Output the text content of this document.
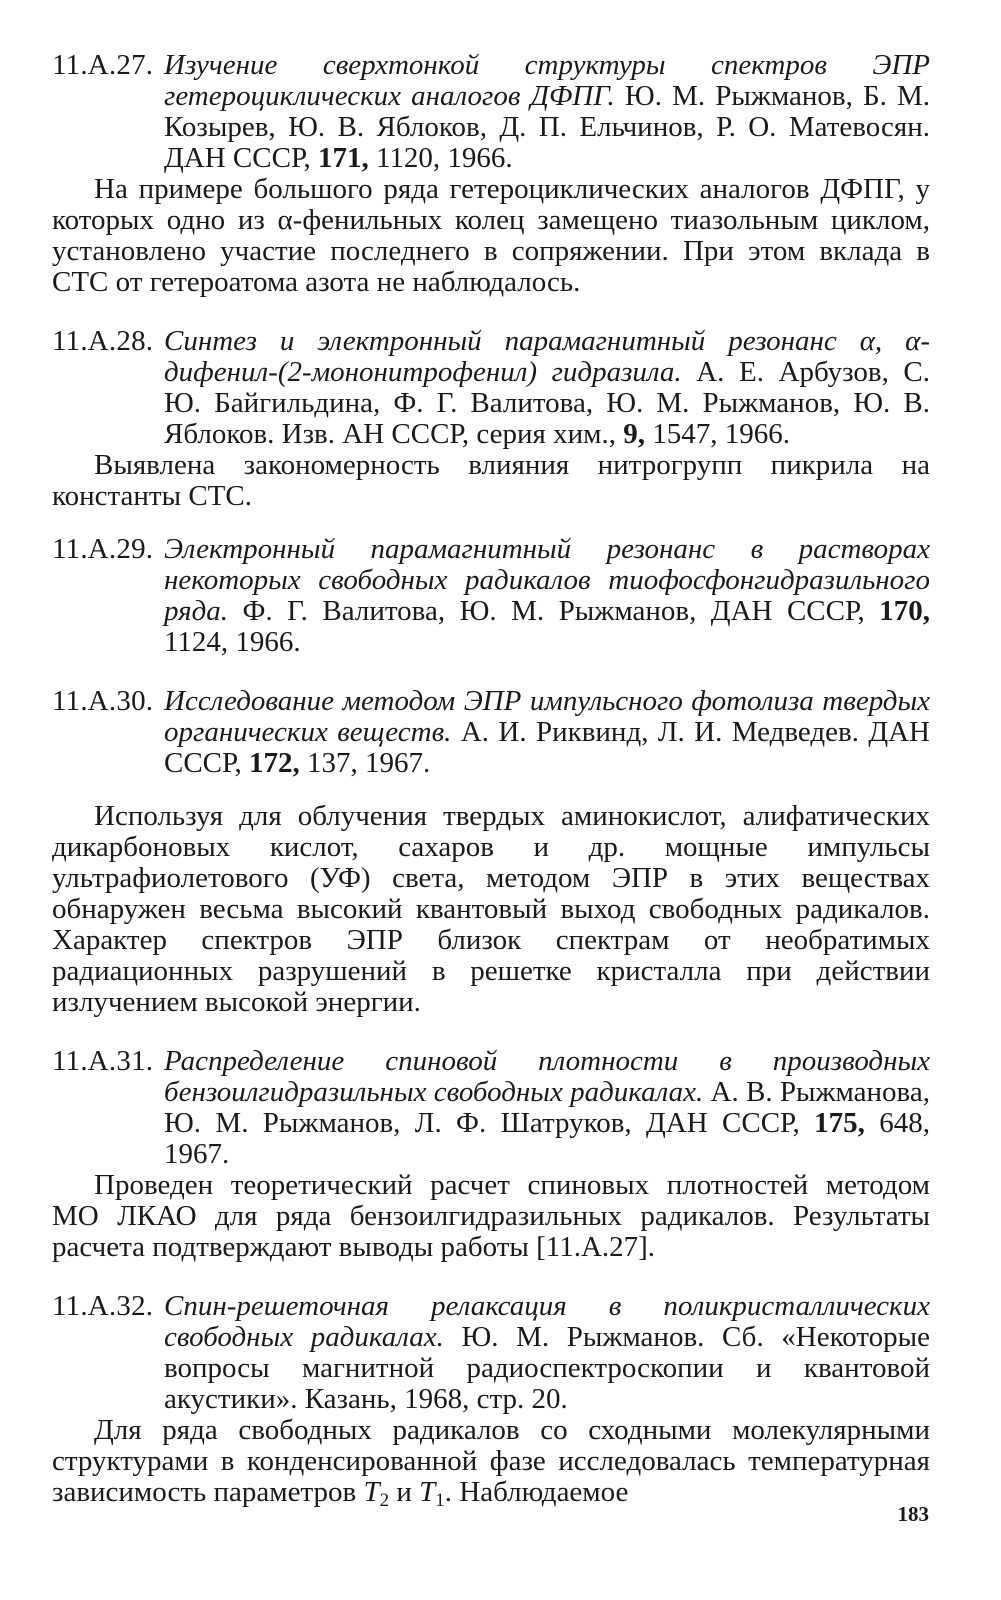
11.A.27. Изучение сверхтонкой структуры спектров ЭПР гетероциклических аналогов ДФПГ. Ю. М. Рыжманов, Б. М. Козырев, Ю. В. Яблоков, Д. П. Ельчинов, Р. О. Матевосян. ДАН СССР, 171, 1120, 1966.

На примере большого ряда гетероциклических аналогов ДФПГ, у которых одно из α-фенильных колец замещено тиазольным циклом, установлено участие последнего в сопряжении. При этом вклада в СТС от гетероатома азота не наблюдалось.

11.A.28. Синтез и электронный парамагнитный резонанс α, α-дифенил-(2-мононитрофенил) гидразила. А. Е. Арбузов, С. Ю. Байгильдина, Ф. Г. Валитова, Ю. М. Рыжманов, Ю. В. Яблоков. Изв. АН СССР, серия хим., 9, 1547, 1966.

Выявлена закономерность влияния нитрогрупп пикрила на константы СТС.

11.A.29. Электронный парамагнитный резонанс в растворах некоторых свободных радикалов тиофосфонгидразильного ряда. Ф. Г. Валитова, Ю. М. Рыжманов, ДАН СССР, 170, 1124, 1966.
11.A.30. Исследование методом ЭПР импульсного фотолиза твердых органических веществ. А. И. Риквинд, Л. И. Медведев. ДАН СССР, 172, 137, 1967.

Используя для облучения твердых аминокислот, алифатических дикарбоновых кислот, сахаров и др. мощные импульсы ультрафиолетового (УФ) света, методом ЭПР в этих веществах обнаружен весьма высокий квантовый выход свободных радикалов. Характер спектров ЭПР близок спектрам от необратимых радиационных разрушений в решетке кристалла при действии излучением высокой энергии.

11.A.31. Распределение спиновой плотности в производных бензоилгидразильных свободных радикалах. А. В. Рыжманова, Ю. М. Рыжманов, Л. Ф. Шатруков, ДАН СССР, 175, 648, 1967.

Проведен теоретический расчет спиновых плотностей методом МО ЛКАО для ряда бензоилгидразильных радикалов. Результаты расчета подтверждают выводы работы [11.A.27].

11.A.32. Спин-решеточная релаксация в поликристаллических свободных радикалах. Ю. М. Рыжманов. Сб. «Некоторые вопросы магнитной радиоспектроскопии и квантовой акустики». Казань, 1968, стр. 20.

Для ряда свободных радикалов со сходными молекулярными структурами в конденсированной фазе исследовалась температурная зависимость параметров $T_2$ и $T_1$. Наблюдаемое

183
